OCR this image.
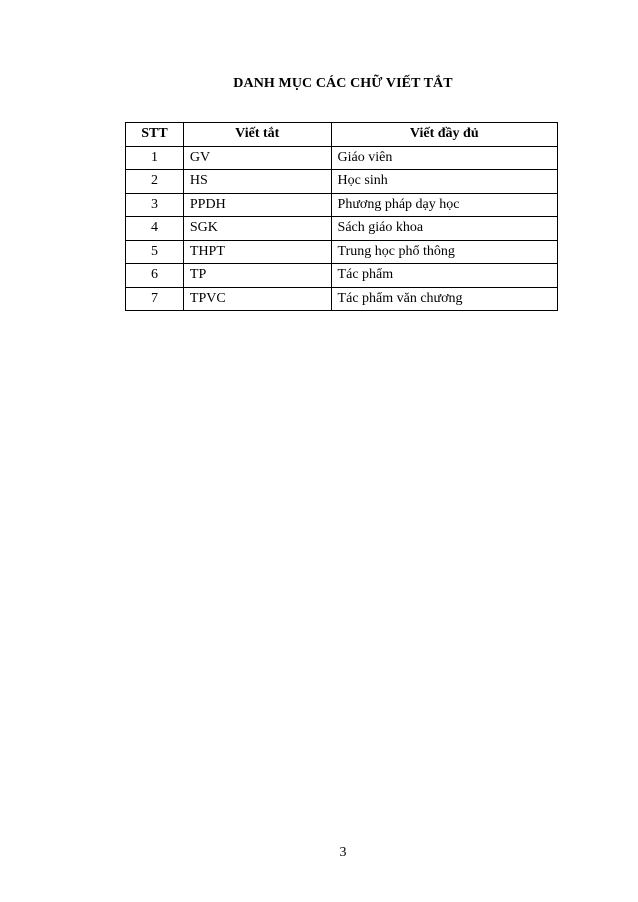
DANH MỤC CÁC CHỮ VIẾT TẮT
STT	Viết tắt	Viết đầy đủ
1	GV	Giáo viên
2	HS	Học sinh
3	PPDH	Phương pháp dạy học
4	SGK	Sách giáo khoa
5	THPT	Trung học phổ thông
6	TP	Tác phẩm
7	TPVC	Tác phẩm văn chương
3
